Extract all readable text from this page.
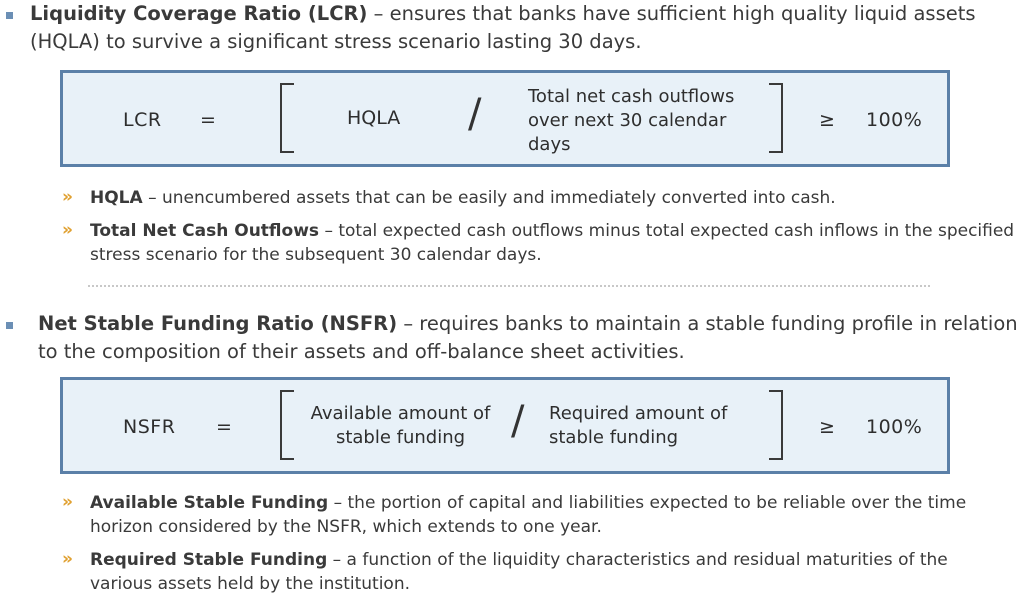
Liquidity Coverage Ratio (LCR) – ensures that banks have sufficient high quality liquid assets (HQLA) to survive a significant stress scenario lasting 30 days.
LCR =	HQLA /	Total net cash outflows over next 30 calendar days
≥ 100%
» HQLA – unencumbered assets that can be easily and immediately converted into cash.
» Total Net Cash Outflows – total expected cash outflows minus total expected cash inflows in the specified stress scenario for the subsequent 30 calendar days.
Net Stable Funding Ratio (NSFR) – requires banks to maintain a stable funding profile in relation to the composition of their assets and off-balance sheet activities.
NSFR =
Available amount of stable funding	/ Required amount of stable funding	≥ 100%
» Available Stable Funding – the portion of capital and liabilities expected to be reliable over the time horizon considered by the NSFR, which extends to one year.
» Required Stable Funding – a function of the liquidity characteristics and residual maturities of the various assets held by the institution.
